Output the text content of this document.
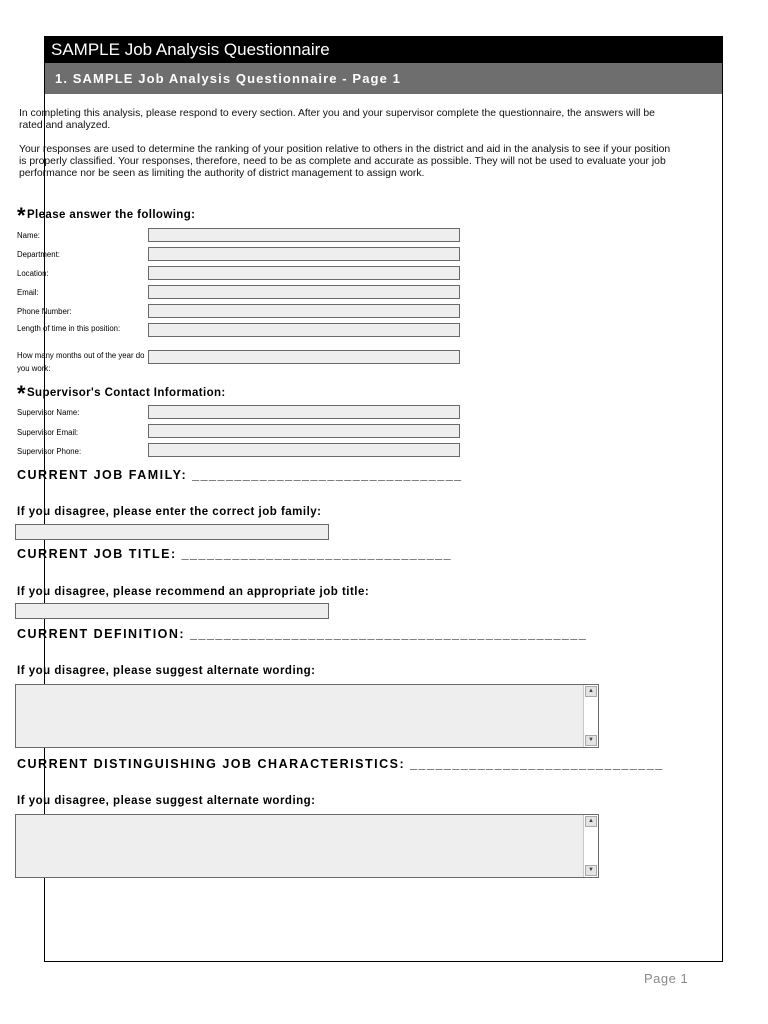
SAMPLE Job Analysis Questionnaire
1. SAMPLE Job Analysis Questionnaire - Page 1

In completing this analysis, please respond to every section. After you and your supervisor complete the questionnaire, the answers will be rated and analyzed.

Your responses are used to determine the ranking of your position relative to others in the district and aid in the analysis to see if your position is properly classified. Your responses, therefore, need to be as complete and accurate as possible. They will not be used to evaluate your job performance nor be seen as limiting the authority of district management to assign work.

*Please answer the following:
Name:
Department:
Location:
Email:
Phone Number:
Length of time in this position:
How many months out of the year do you work:
*Supervisor's Contact Information:
Supervisor Name:
Supervisor Email:
Supervisor Phone:
CURRENT JOB FAMILY: ________________________________
If you disagree, please enter the correct job family:
CURRENT JOB TITLE: ________________________________
If you disagree, please recommend an appropriate job title:
CURRENT DEFINITION: _______________________________________________
If you disagree, please suggest alternate wording:
▲
▼
CURRENT DISTINGUISHING JOB CHARACTERISTICS: ______________________________
If you disagree, please suggest alternate wording:
▲
▼
Page 1
